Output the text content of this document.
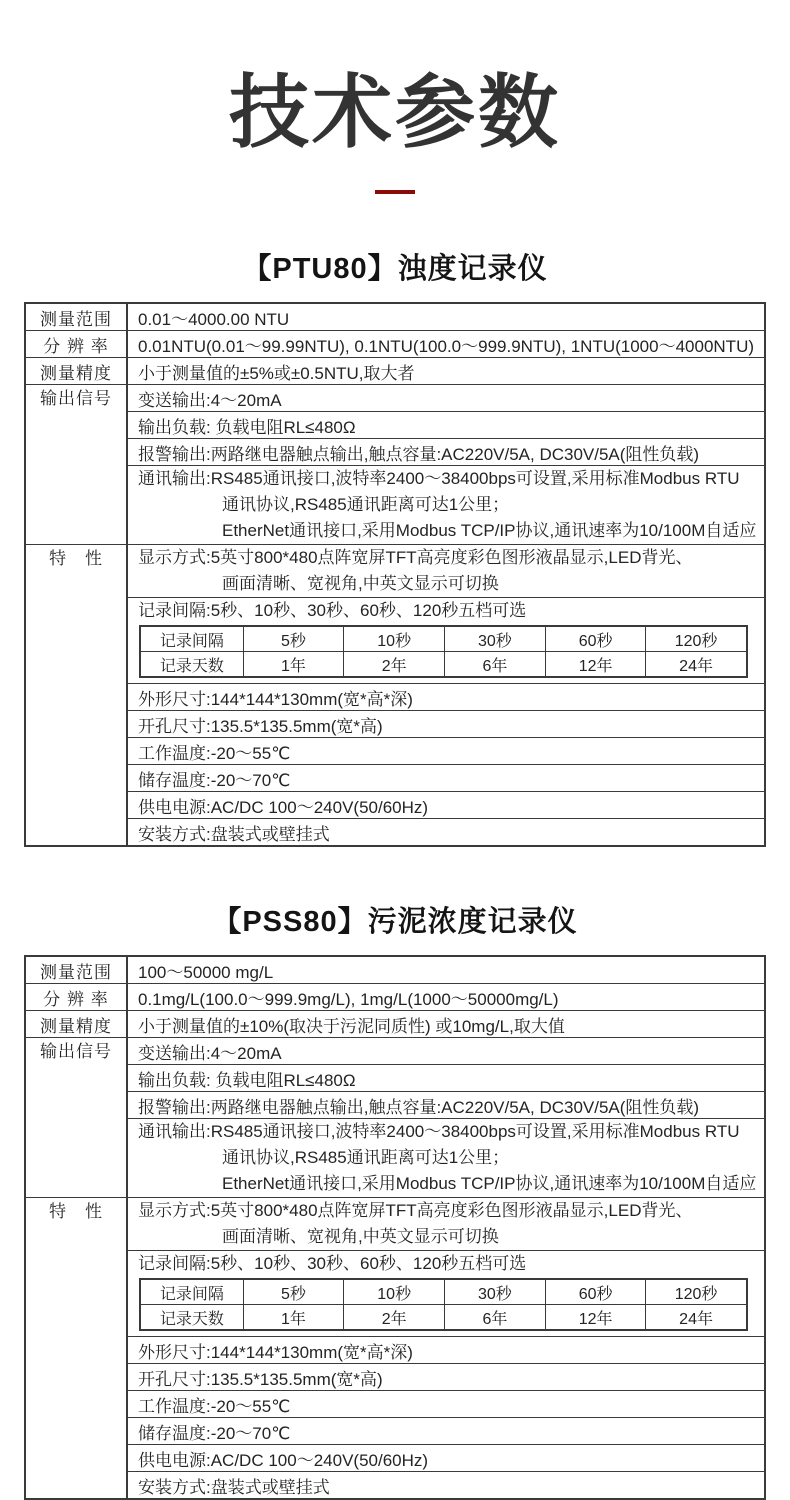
技术参数
【PTU80】浊度记录仪
测量范围	0.01～4000.00 NTU
分 辨 率	0.01NTU(0.01～99.99NTU), 0.1NTU(100.0～999.9NTU), 1NTU(1000～4000NTU)
测量精度	小于测量值的±5%或±0.5NTU,取大者
输出信号	变送输出:4～20mA
输出负载: 负载电阻RL≤480Ω
报警输出:两路继电器触点输出,触点容量:AC220V/5A, DC30V/5A(阻性负载)

通讯输出:RS485通讯接口,波特率2400～38400bps可设置,采用标准Modbus RTU
通讯协议,RS485通讯距离可达1公里；
EtherNet通讯接口,采用Modbus TCP/IP协议,通讯速率为10/100M自适应

特　性	显示方式:5英寸800*480点阵宽屏TFT高亮度彩色图形液晶显示,LED背光、
画面清晰、宽视角,中英文显示可切换

记录间隔:5秒、10秒、30秒、60秒、120秒五档可选
记录间隔	5秒	10秒	30秒	60秒	120秒
记录天数	1年	2年	6年	12年	24年

外形尺寸:144*144*130mm(宽*高*深)
开孔尺寸:135.5*135.5mm(宽*高)
工作温度:-20～55℃
储存温度:-20～70℃
供电电源:AC/DC 100～240V(50/60Hz)
安装方式:盘装式或壁挂式
【PSS80】污泥浓度记录仪
测量范围	100～50000 mg/L
分 辨 率	0.1mg/L(100.0～999.9mg/L), 1mg/L(1000～50000mg/L)
测量精度	小于测量值的±10%(取决于污泥同质性) 或10mg/L,取大值
输出信号	变送输出:4～20mA
输出负载: 负载电阻RL≤480Ω
报警输出:两路继电器触点输出,触点容量:AC220V/5A, DC30V/5A(阻性负载)

通讯输出:RS485通讯接口,波特率2400～38400bps可设置,采用标准Modbus RTU
通讯协议,RS485通讯距离可达1公里；
EtherNet通讯接口,采用Modbus TCP/IP协议,通讯速率为10/100M自适应

特　性	显示方式:5英寸800*480点阵宽屏TFT高亮度彩色图形液晶显示,LED背光、
画面清晰、宽视角,中英文显示可切换

记录间隔:5秒、10秒、30秒、60秒、120秒五档可选
记录间隔	5秒	10秒	30秒	60秒	120秒
记录天数	1年	2年	6年	12年	24年

外形尺寸:144*144*130mm(宽*高*深)
开孔尺寸:135.5*135.5mm(宽*高)
工作温度:-20～55℃
储存温度:-20～70℃
供电电源:AC/DC 100～240V(50/60Hz)
安装方式:盘装式或壁挂式
